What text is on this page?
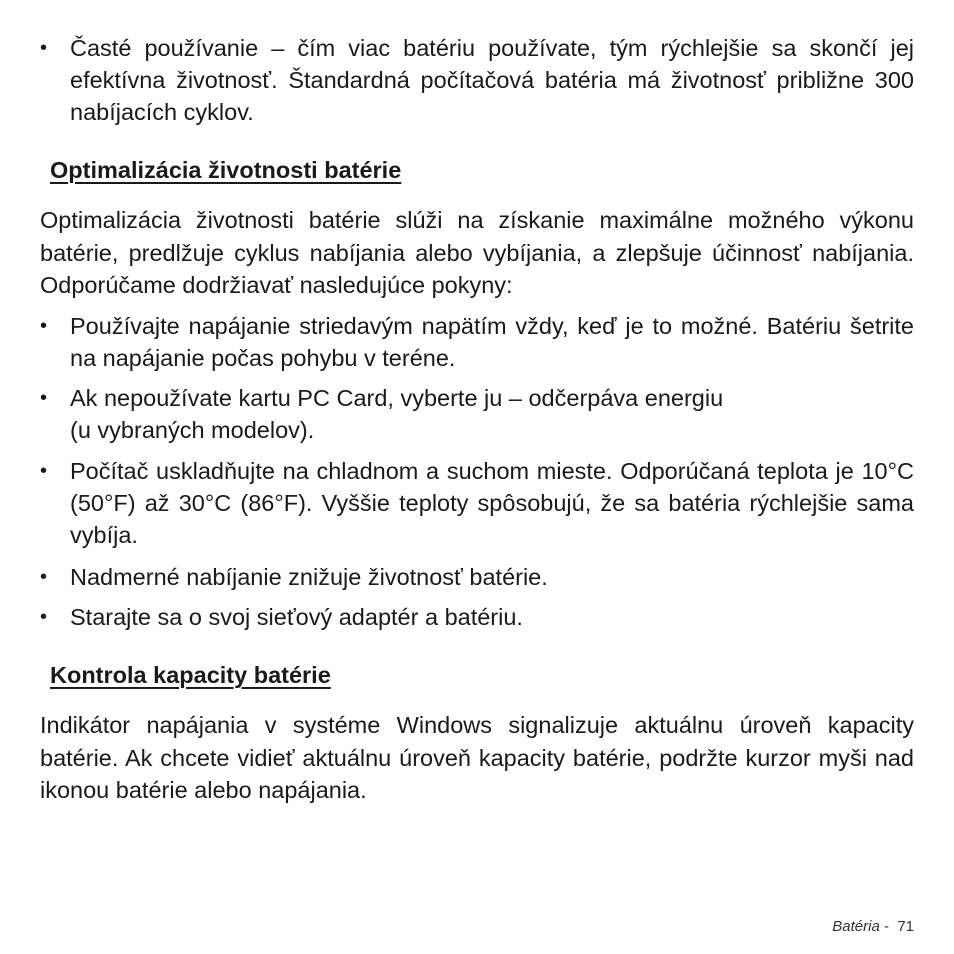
• Časté používanie – čím viac batériu používate, tým rýchlejšie sa skončí jej efektívna životnosť. Štandardná počítačová batéria má životnosť približne 300 nabíjacích cyklov.
Optimalizácia životnosti batérie
Optimalizácia životnosti batérie slúži na získanie maximálne možného výkonu batérie, predlžuje cyklus nabíjania alebo vybíjania, a zlepšuje účinnosť nabíjania. Odporúčame dodržiavať nasledujúce pokyny:
• Používajte napájanie striedavým napätím vždy, keď je to možné. Batériu šetrite na napájanie počas pohybu v teréne.
• Ak nepoužívate kartu PC Card, vyberte ju – odčerpáva energiu
(u vybraných modelov).
• Počítač uskladňujte na chladnom a suchom mieste. Odporúčaná teplota je 10°C (50°F) až 30°C (86°F). Vyššie teploty spôsobujú, že sa batéria rýchlejšie sama vybíja.
• Nadmerné nabíjanie znižuje životnosť batérie.
• Starajte sa o svoj sieťový adaptér a batériu.
Kontrola kapacity batérie
Indikátor napájania v systéme Windows signalizuje aktuálnu úroveň kapacity batérie. Ak chcete vidieť aktuálnu úroveň kapacity batérie, podržte kurzor myši nad ikonou batérie alebo napájania.
Batéria -  71
